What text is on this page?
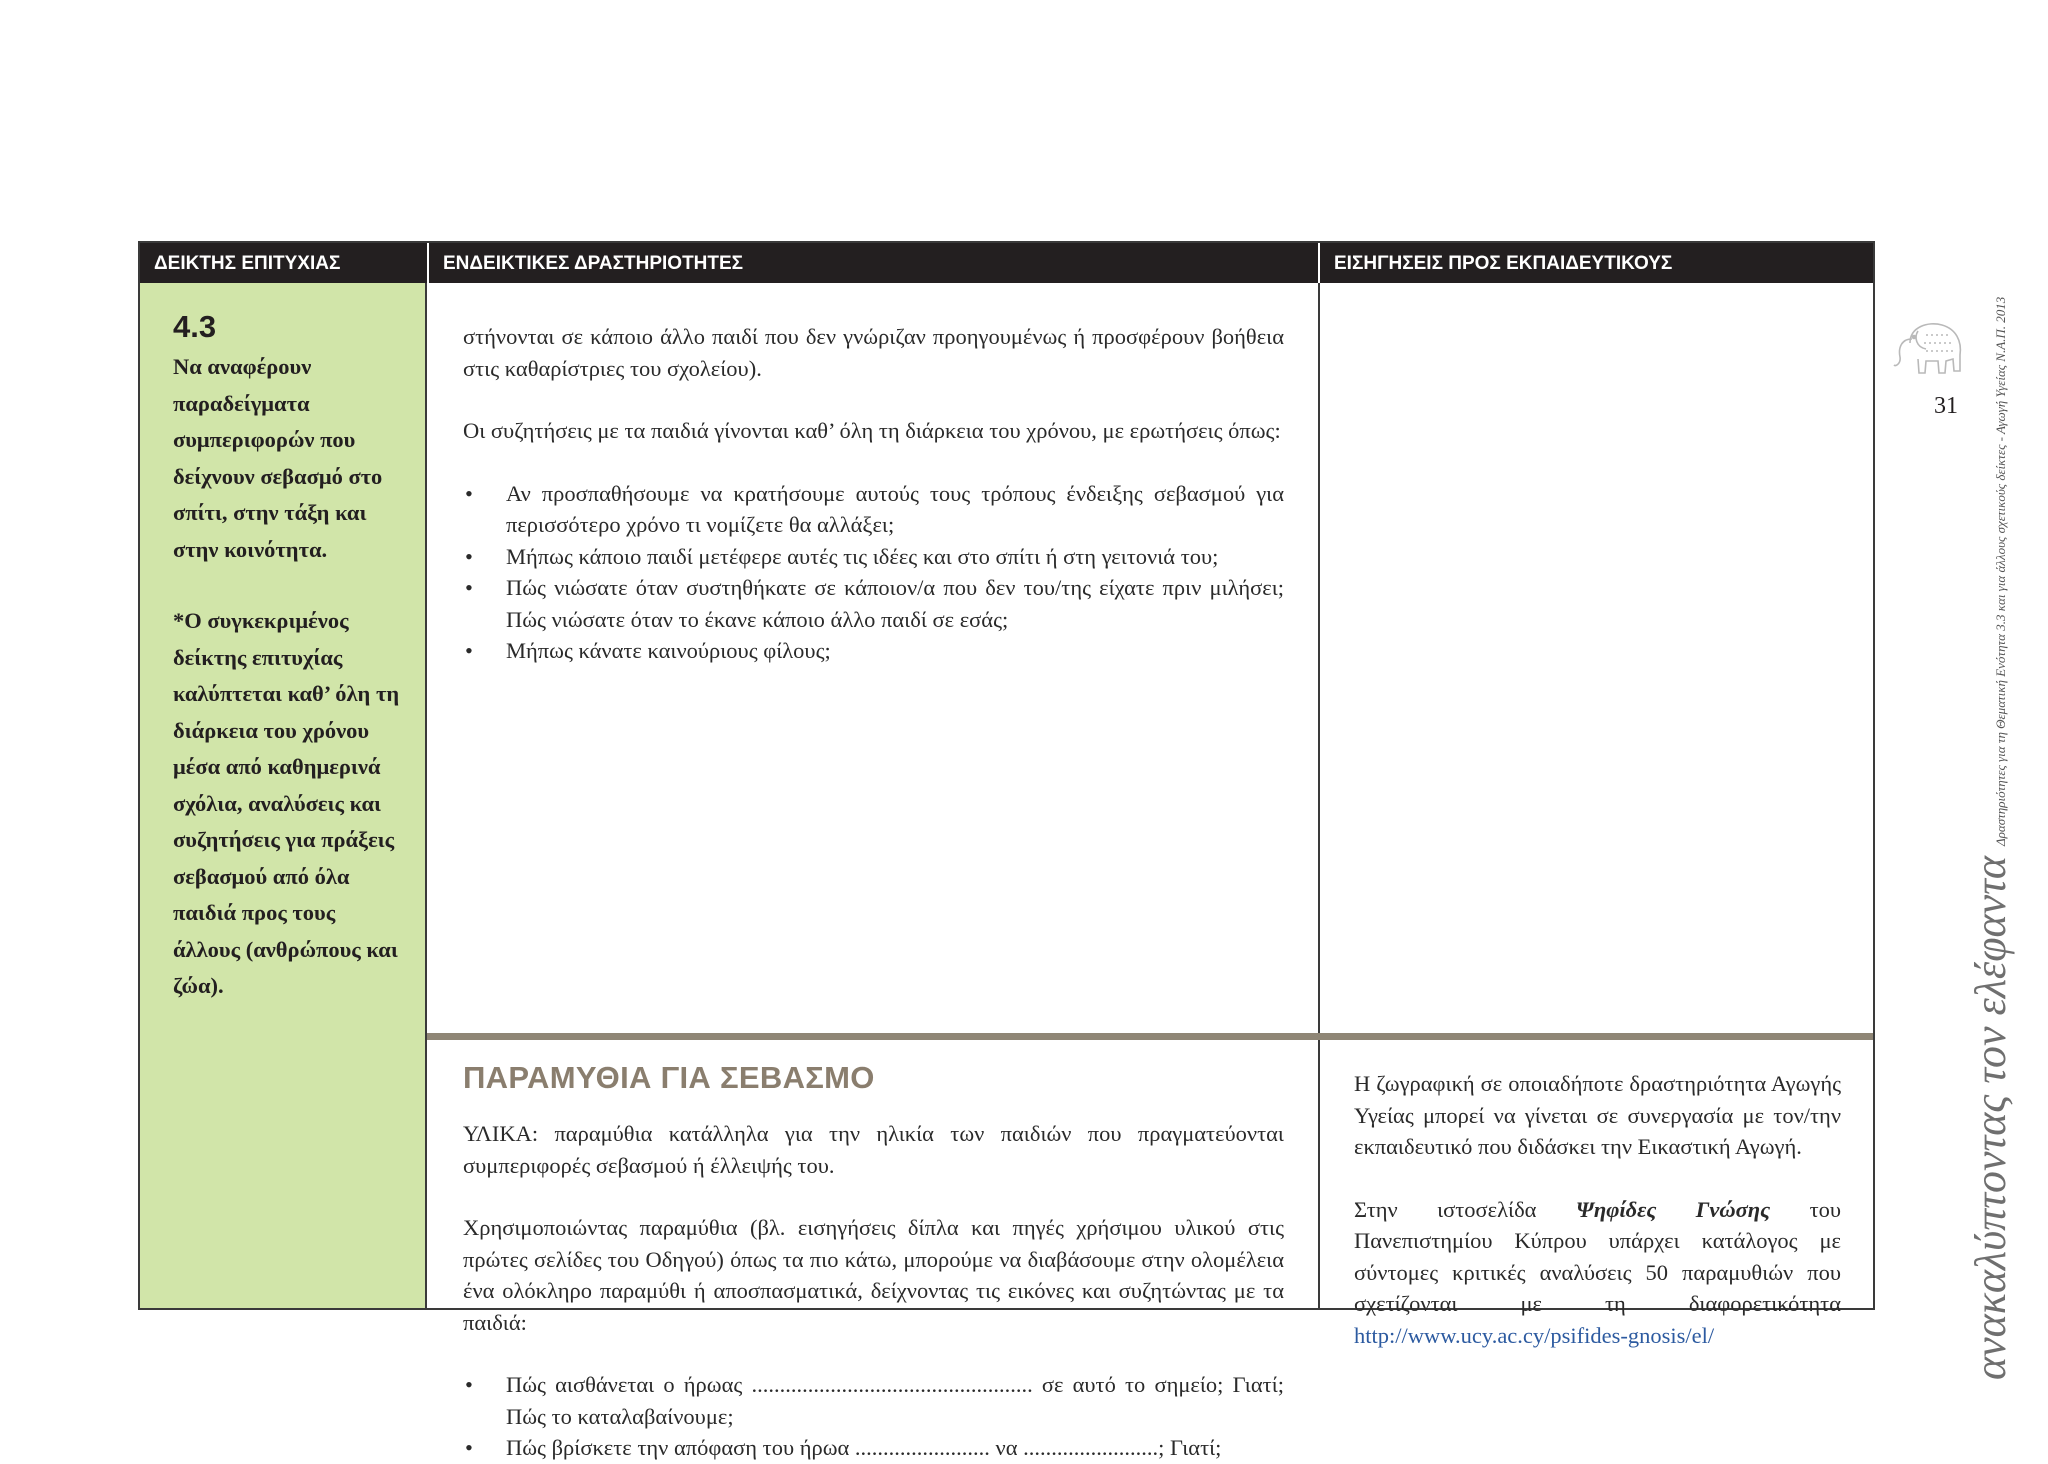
ΔΕΙΚΤΗΣ ΕΠΙΤΥΧΙΑΣ	ΕΝΔΕΙΚΤΙΚΕΣ ΔΡΑΣΤΗΡΙΟΤΗΤΕΣ	ΕΙΣΗΓΗΣΕΙΣ ΠΡΟΣ ΕΚΠΑΙΔΕΥΤΙΚΟΥΣ
4.3

Να αναφέρουν παραδείγματα συμπεριφορών που δείχνουν σεβασμό στο σπίτι, στην τάξη και στην κοινότητα.

*Ο συγκεκριμένος δείκτης επιτυχίας καλύπτεται καθ’ όλη τη διάρκεια του χρόνου μέσα από καθημερινά σχόλια, αναλύσεις και συζητήσεις για πράξεις σεβασμού από όλα παιδιά προς τους άλλους (ανθρώπους και ζώα).

στήνονται σε κάποιο άλλο παιδί που δεν γνώριζαν προηγουμένως ή προσφέρουν βοήθεια στις καθαρίστριες του σχολείου).

Οι συζητήσεις με τα παιδιά γίνονται καθ’ όλη τη διάρκεια του χρόνου, με ερωτήσεις όπως:

• Αν προσπαθήσουμε να κρατήσουμε αυτούς τους τρόπους ένδειξης σεβασμού για περισσότερο χρόνο τι νομίζετε θα αλλάξει;
• Μήπως κάποιο παιδί μετέφερε αυτές τις ιδέες και στο σπίτι ή στη γειτονιά του;
• Πώς νιώσατε όταν συστηθήκατε σε κάποιον/α που δεν του/της είχατε πριν μιλήσει; Πώς νιώσατε όταν το έκανε κάποιο άλλο παιδί σε εσάς;
• Μήπως κάνατε καινούριους φίλους;
ΠΑΡΑΜΥΘΙΑ ΓΙΑ ΣΕΒΑΣΜΟ

ΥΛΙΚΑ: παραμύθια κατάλληλα για την ηλικία των παιδιών που πραγματεύονται συμπεριφορές σεβασμού ή έλλειψής του.

Χρησιμοποιώντας παραμύθια (βλ. εισηγήσεις δίπλα και πηγές χρήσιμου υλικού στις πρώτες σελίδες του Οδηγού) όπως τα πιο κάτω, μπορούμε να διαβάσουμε στην ολομέλεια ένα ολόκληρο παραμύθι ή αποσπασματικά, δείχνοντας τις εικόνες και συζητώντας με τα παιδιά:

• Πώς αισθάνεται ο ήρωας .................................................. σε αυτό το σημείο; Γιατί; Πώς το καταλαβαίνουμε;
• Πώς βρίσκετε την απόφαση του ήρωα ........................ να ........................; Γιατί;

Η ζωγραφική σε οποιαδήποτε δραστηριότητα Αγωγής Υγείας μπορεί να γίνεται σε συνεργασία με τον/την εκπαιδευτικό που διδάσκει την Εικαστική Αγωγή.

Στην ιστοσελίδα Ψηφίδες Γνώσης του Πανεπιστημίου Κύπρου υπάρχει κατάλογος με σύντομες κριτικές αναλύσεις 50 παραμυθιών που σχετίζονται με τη διαφορετικότητα http://www.ucy.ac.cy/psifides-gnosis/el/

31
ανακαλύπτοντας τον ελέφανταΔραστηριότητες για τη Θεματική Ενότητα 3.3 και για άλλους σχετικούς δείκτες - Αγωγή Υγείας Ν.Α.Π. 2013
